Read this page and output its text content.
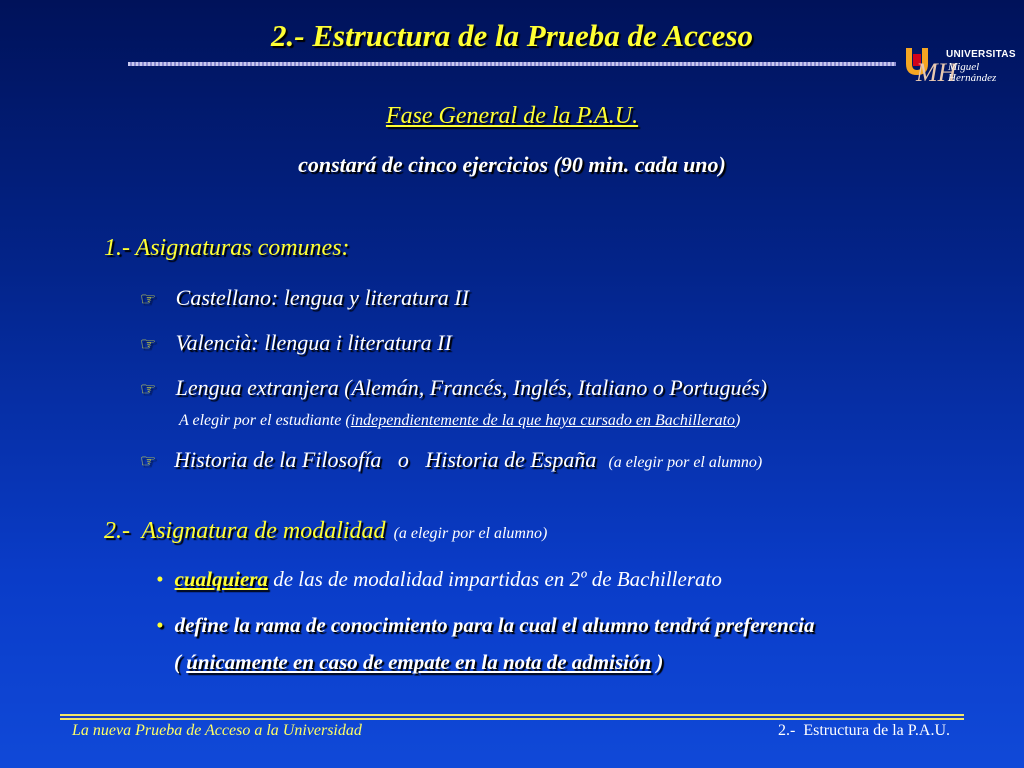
2.- Estructura de la Prueba de Acceso
MH
UNIVERSITAS
Miguel
Hernández
Fase General de la P.A.U.
constará de cinco ejercicios (90 min. cada uno)
1.- Asignaturas comunes:
☞ Castellano: lengua y literatura II
☞ Valencià: llengua i literatura II
☞ Lengua extranjera (Alemán, Francés, Inglés, Italiano o Portugués)
A elegir por el estudiante (independientemente de la que haya cursado en Bachillerato)
☞ Historia de la Filosofía   o   Historia de España (a elegir por el alumno)
2.-  Asignatura de modalidad (a elegir por el alumno)
• cualquiera de las de modalidad impartidas en 2º de Bachillerato
• define la rama de conocimiento para la cual el alumno tendrá preferencia
( únicamente en caso de empate en la nota de admisión )
La nueva Prueba de Acceso a la Universidad	2.-  Estructura de la P.A.U.
